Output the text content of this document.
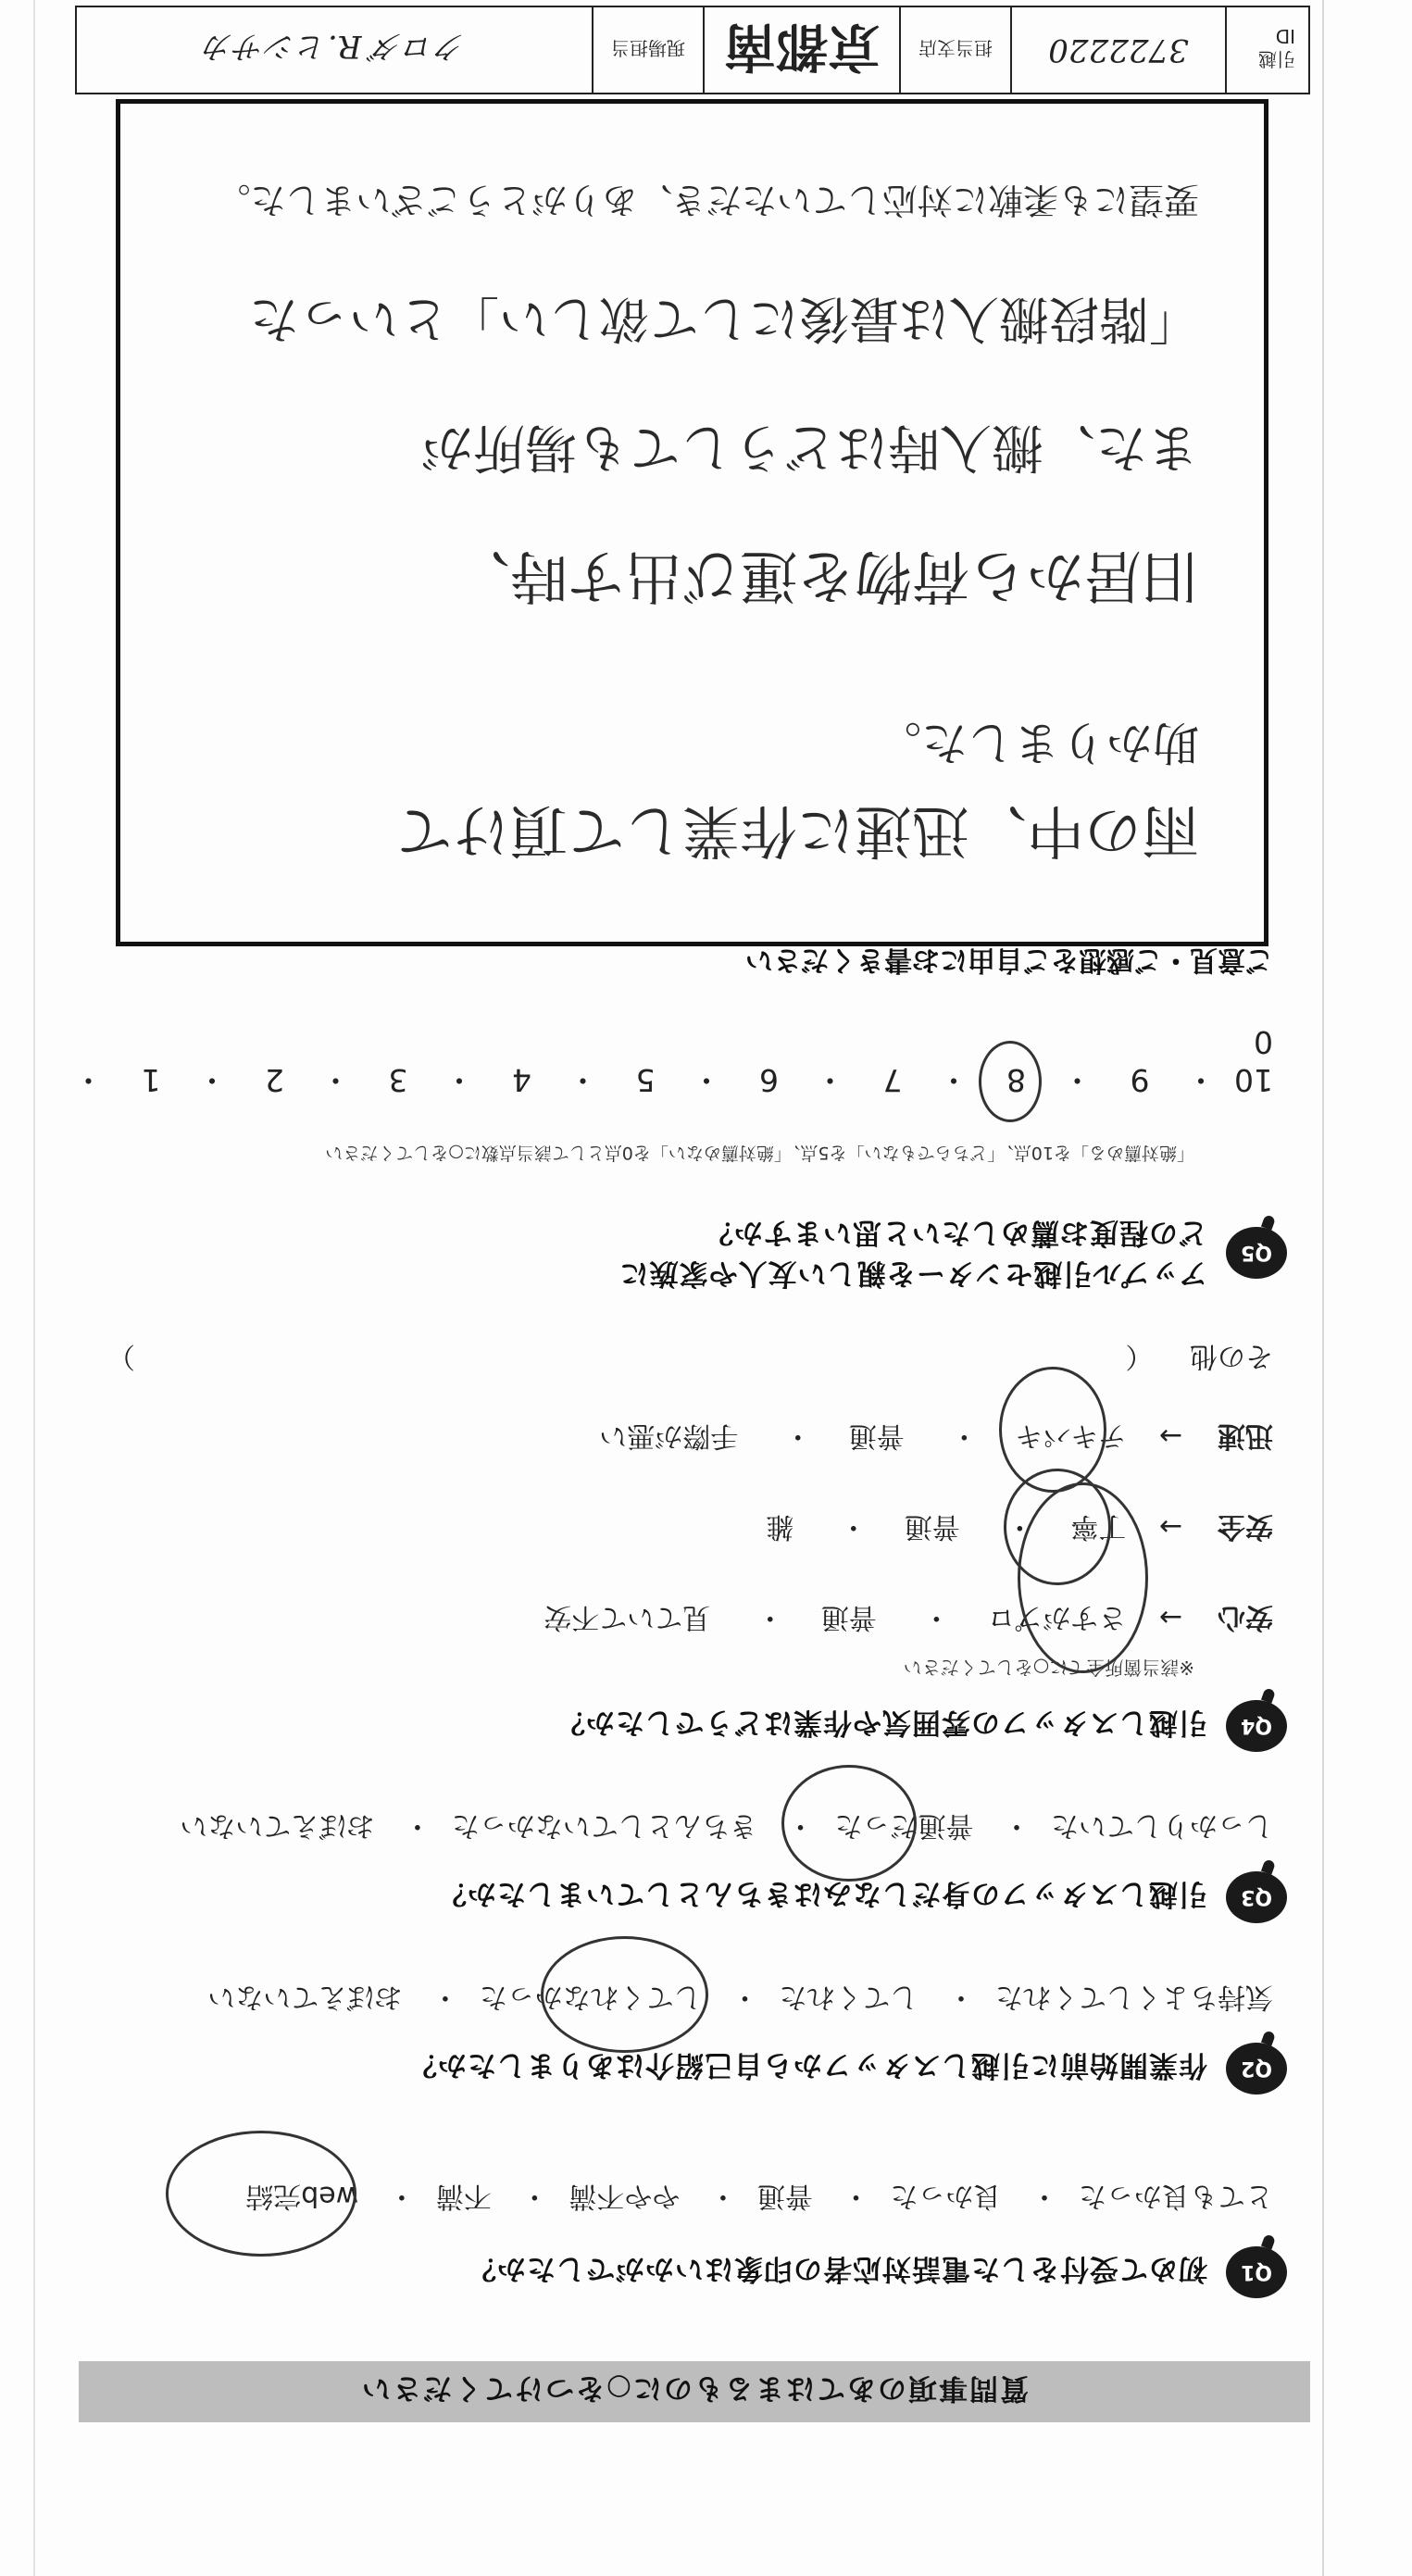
質問事項のあてはまるものに○をつけてください
Q1
初めて受付をした電話対応者の印象はいかがでしたか？
とても良かった・ 良かった・ 普通・ やや不満・ 不満・ web完結
Q2
作業開始前に引越しスタッフから自己紹介はありましたか？
気持ちよくしてくれた・ してくれた・ してくれなかった・ おぼえていない
Q3
引越しスタッフの身だしなみはきちんとしていましたか？
しっかりしていた・ 普通だった・ きちんとしていなかった・ おぼえていない
Q4
引越しスタッフの雰囲気や作業はどうでしたか？
※該当箇所全てに○をしてください
安心→ さすがプロ・ 普通・ 見ていて不安
安全→ 丁寧・ 普通・ 雑
迅速→ テキパキ・ 普通・ 手際が悪い
その他 （ ）
Q5
アップル引越センターを親しい友人や家族に
どの程度お薦めしたいと思いますか？
「絶対薦める」を10点、「どちらでもない」を5点、「絶対薦めない」を0点として該当点数に○をしてください
10・ 9・ 8・ 7・ 6・ 5・ 4・ 3・ 2・ 1・ 0
ご意見・ご感想をご自由にお書きください
雨の中、迅速に作業して頂けて
助かりました。
旧居から荷物を運び出す時、
また、搬入時はどうしても場所が
「階段搬入は最後にして欲しい」といった
要望にも柔軟に対応していただき、ありがとうございました。
引越ID
3722220
担当支店
京都南
現場担当
クロダ R.ヒシサカ
